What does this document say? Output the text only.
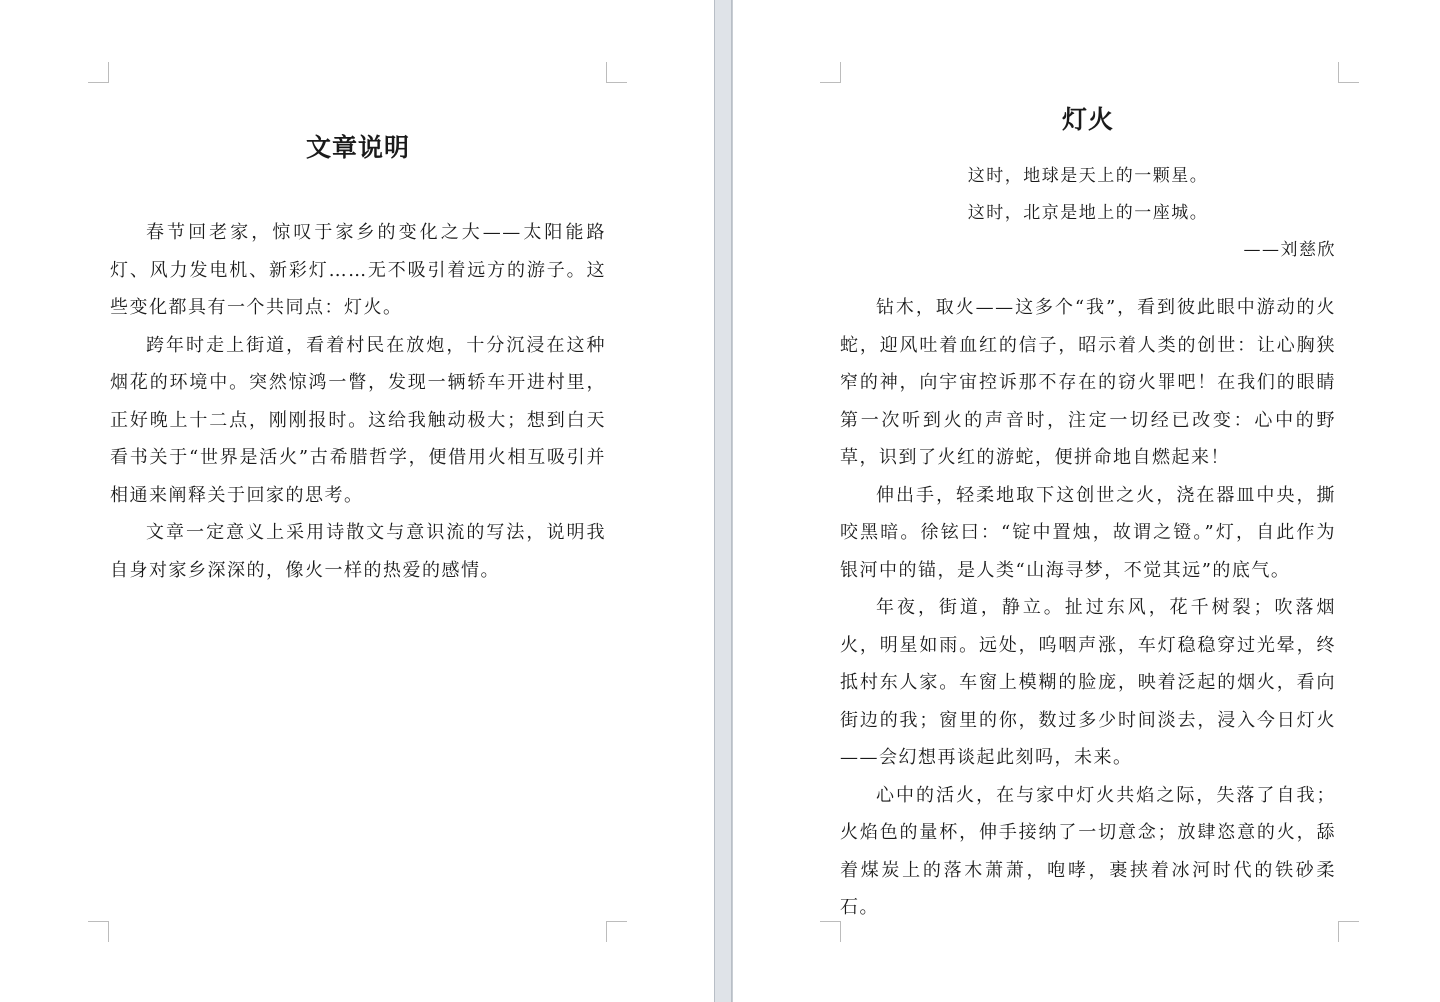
文章说明

春节回老家，惊叹于家乡的变化之大——太阳能路灯、风力发电机、新彩灯……无不吸引着远方的游子。这些变化都具有一个共同点：灯火。

跨年时走上街道，看着村民在放炮，十分沉浸在这种烟花的环境中。突然惊鸿一瞥，发现一辆轿车开进村里，正好晚上十二点，刚刚报时。这给我触动极大；想到白天看书关于“世界是活火”古希腊哲学，便借用火相互吸引并相通来阐释关于回家的思考。

文章一定意义上采用诗散文与意识流的写法，说明我自身对家乡深深的，像火一样的热爱的感情。

灯火

这时，地球是天上的一颗星。

这时，北京是地上的一座城。

——刘慈欣

钻木，取火——这多个“我”，看到彼此眼中游动的火蛇，迎风吐着血红的信子，昭示着人类的创世：让心胸狭窄的神，向宇宙控诉那不存在的窃火罪吧！在我们的眼睛第一次听到火的声音时，注定一切经已改变：心中的野草，识到了火红的游蛇，便拼命地自燃起来！

伸出手，轻柔地取下这创世之火，浇在器皿中央，撕咬黑暗。徐铉曰：“锭中置烛，故谓之镫。”灯，自此作为银河中的锚，是人类“山海寻梦，不觉其远”的底气。

年夜，街道，静立。扯过东风，花千树裂；吹落烟火，明星如雨。远处，呜咽声涨，车灯稳稳穿过光晕，终抵村东人家。车窗上模糊的脸庞，映着泛起的烟火，看向街边的我；窗里的你，数过多少时间淡去，浸入今日灯火——会幻想再谈起此刻吗，未来。

心中的活火，在与家中灯火共焰之际，失落了自我；火焰色的量杯，伸手接纳了一切意念；放肆恣意的火，舔着煤炭上的落木萧萧，咆哮，裹挟着冰河时代的铁砂柔石。
